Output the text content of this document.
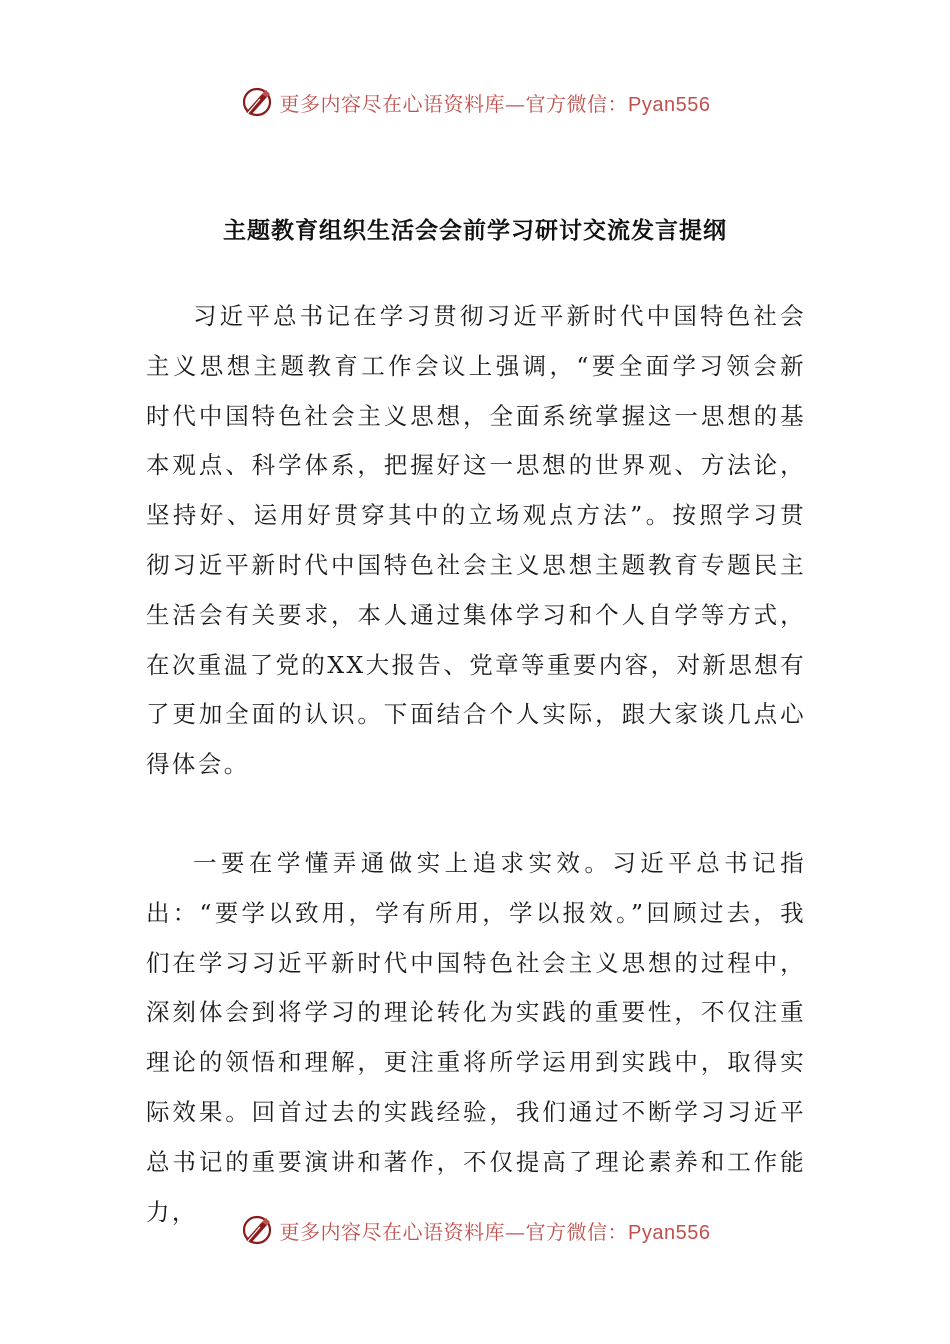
更多内容尽在心语资料库—官方微信：Pyan556
主题教育组织生活会会前学习研讨交流发言提纲

习近平总书记在学习贯彻习近平新时代中国特色社会主义思想主题教育工作会议上强调，“要全面学习领会新时代中国特色社会主义思想，全面系统掌握这一思想的基本观点、科学体系，把握好这一思想的世界观、方法论，坚持好、运用好贯穿其中的立场观点方法”。按照学习贯彻习近平新时代中国特色社会主义思想主题教育专题民主生活会有关要求，本人通过集体学习和个人自学等方式，在次重温了党的XX大报告、党章等重要内容，对新思想有了更加全面的认识。下面结合个人实际，跟大家谈几点心得体会。

一要在学懂弄通做实上追求实效。习近平总书记指出：“要学以致用，学有所用，学以报效。”回顾过去，我们在学习习近平新时代中国特色社会主义思想的过程中，深刻体会到将学习的理论转化为实践的重要性，不仅注重理论的领悟和理解，更注重将所学运用到实践中，取得实际效果。回首过去的实践经验，我们通过不断学习习近平总书记的重要演讲和著作，不仅提高了理论素养和工作能力，

更多内容尽在心语资料库—官方微信：Pyan556
